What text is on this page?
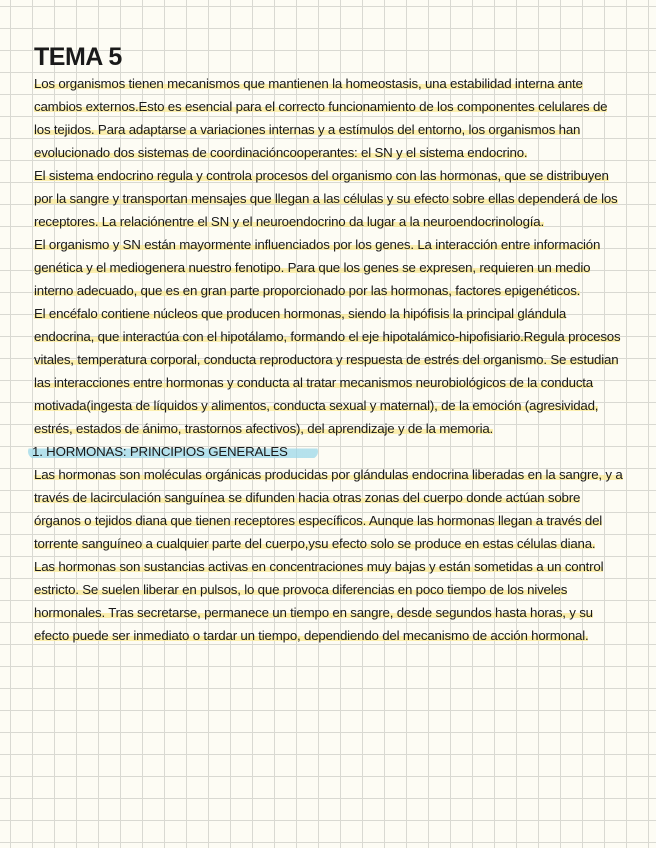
TEMA 5

Los organismos tienen mecanismos que mantienen la homeostasis, una estabilidad interna ante cambios externos.Esto es esencial para el correcto funcionamiento de los componentes celulares de los tejidos. Para adaptarse a variaciones internas y a estímulos del entorno, los organismos han evolucionado dos sistemas de coordinacióncooperantes: el SN y el sistema endocrino.

El sistema endocrino regula y controla procesos del organismo con las hormonas, que se distribuyen por la sangre y transportan mensajes que llegan a las células y su efecto sobre ellas dependerá de los receptores. La relaciónentre el SN y el neuroendocrino da lugar a la neuroendocrinología.

El organismo y SN están mayormente influenciados por los genes. La interacción entre información genética y el mediogenera nuestro fenotipo. Para que los genes se expresen, requieren un medio interno adecuado, que es en gran parte proporcionado por las hormonas, factores epigenéticos.

El encéfalo contiene núcleos que producen hormonas, siendo la hipófisis la principal glándula endocrina, que interactúa con el hipotálamo, formando el eje hipotalámico-hipofisiario.Regula procesos vitales, temperatura corporal, conducta reproductora y respuesta de estrés del organismo. Se estudian las interacciones entre hormonas y conducta al tratar mecanismos neurobiológicos de la conducta motivada(ingesta de líquidos y alimentos, conducta sexual y maternal), de la emoción (agresividad, estrés, estados de ánimo, trastornos afectivos), del aprendizaje y de la memoria.

1. HORMONAS: PRINCIPIOS GENERALES

Las hormonas son moléculas orgánicas producidas por glándulas endocrina liberadas en la sangre, y a través de lacirculación sanguínea se difunden hacia otras zonas del cuerpo donde actúan sobre órganos o tejidos diana que tienen receptores específicos. Aunque las hormonas llegan a través del torrente sanguíneo a cualquier parte del cuerpo,ysu efecto solo se produce en estas células diana.

Las hormonas son sustancias activas en concentraciones muy bajas y están sometidas a un control estricto. Se suelen liberar en pulsos, lo que provoca diferencias en poco tiempo de los niveles hormonales. Tras secretarse, permanece un tiempo en sangre, desde segundos hasta horas, y su efecto puede ser inmediato o tardar un tiempo, dependiendo del mecanismo de acción hormonal.
